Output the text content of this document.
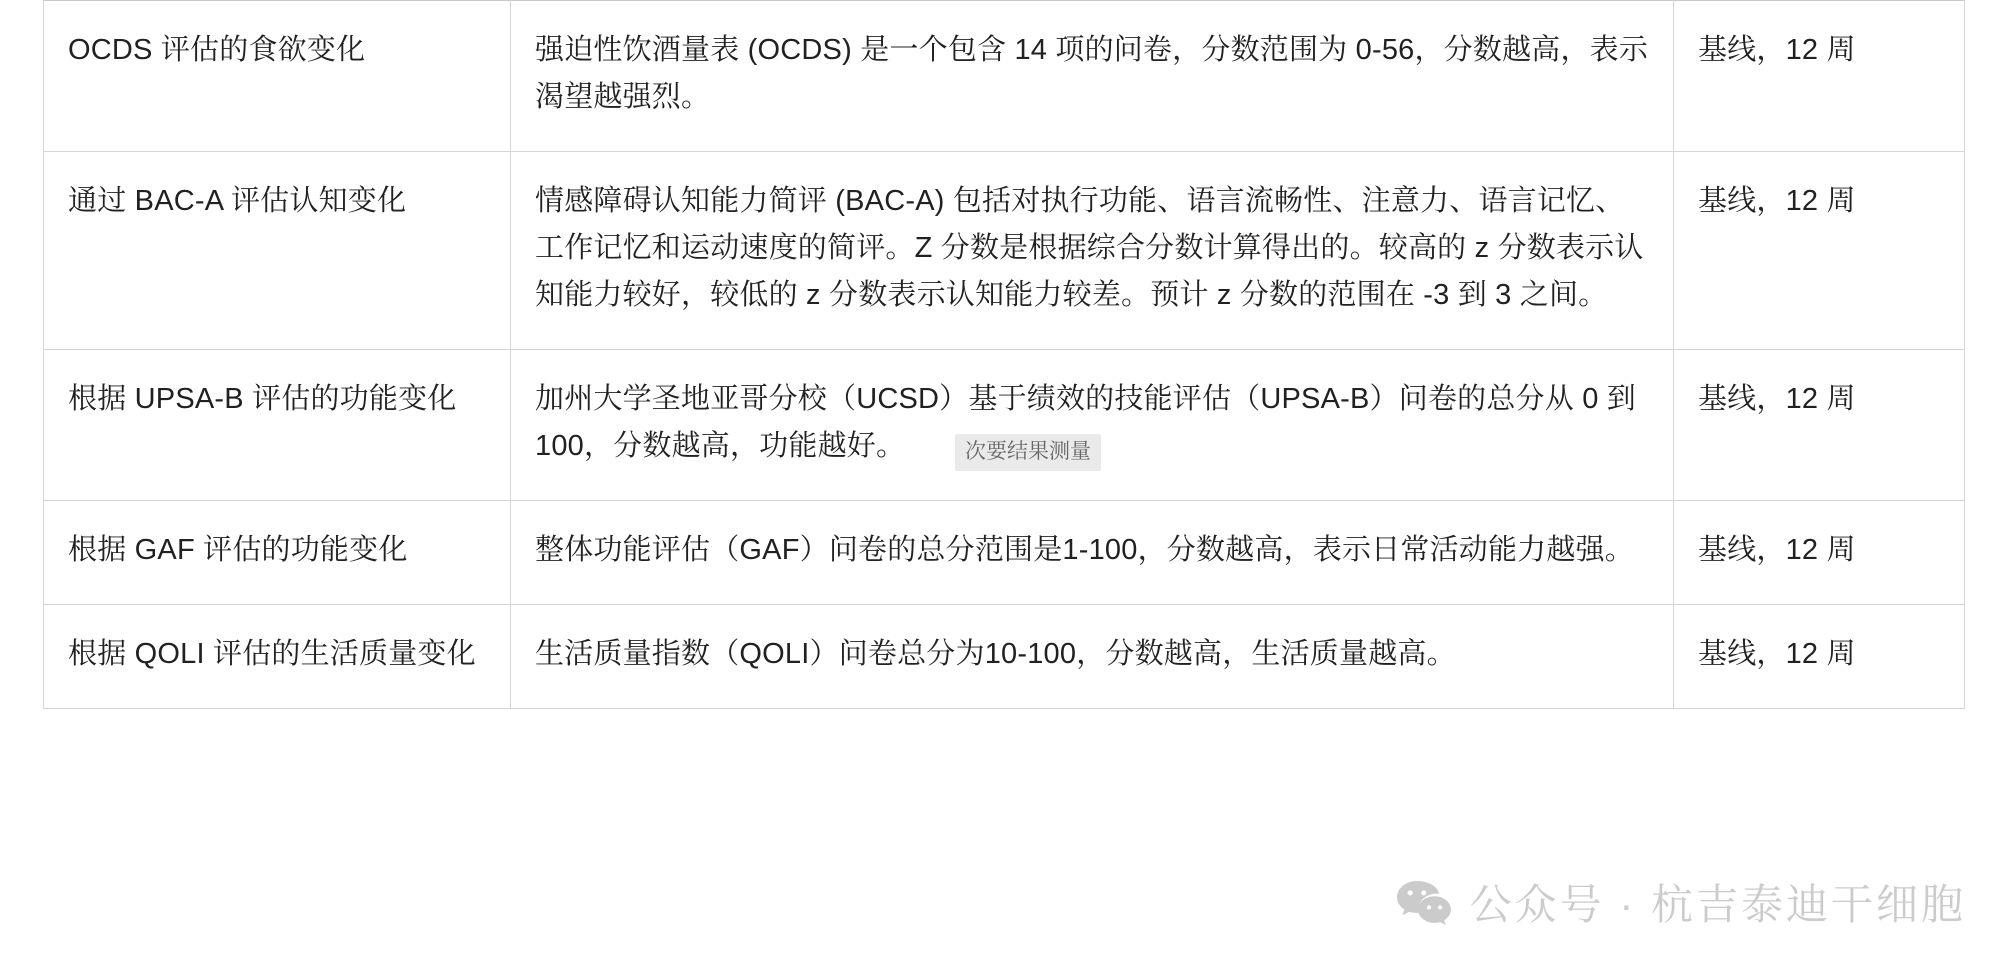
OCDS 评估的食欲变化	强迫性饮酒量表 (OCDS) 是一个包含 14 项的问卷，分数范围为 0-56，分数越高，表示渴望越强烈。	基线，12 周
通过 BAC-A 评估认知变化	情感障碍认知能力简评 (BAC-A) 包括对执行功能、语言流畅性、注意力、语言记忆、工作记忆和运动速度的简评。Z 分数是根据综合分数计算得出的。较高的 z 分数表示认知能力较好，较低的 z 分数表示认知能力较差。预计 z 分数的范围在 -3 到 3 之间。	基线，12 周
根据 UPSA-B 评估的功能变化	加州大学圣地亚哥分校（UCSD）基于绩效的技能评估（UPSA-B）问卷的总分从 0 到 100，分数越高，功能越好。	基线，12 周
根据 GAF 评估的功能变化	整体功能评估（GAF）问卷的总分范围是1-100，分数越高，表示日常活动能力越强。	基线，12 周
根据 QOLI 评估的生活质量变化	生活质量指数（QOLI）问卷总分为10-100，分数越高，生活质量越高。	基线，12 周
次要结果测量
公众号 · 杭吉泰迪干细胞
